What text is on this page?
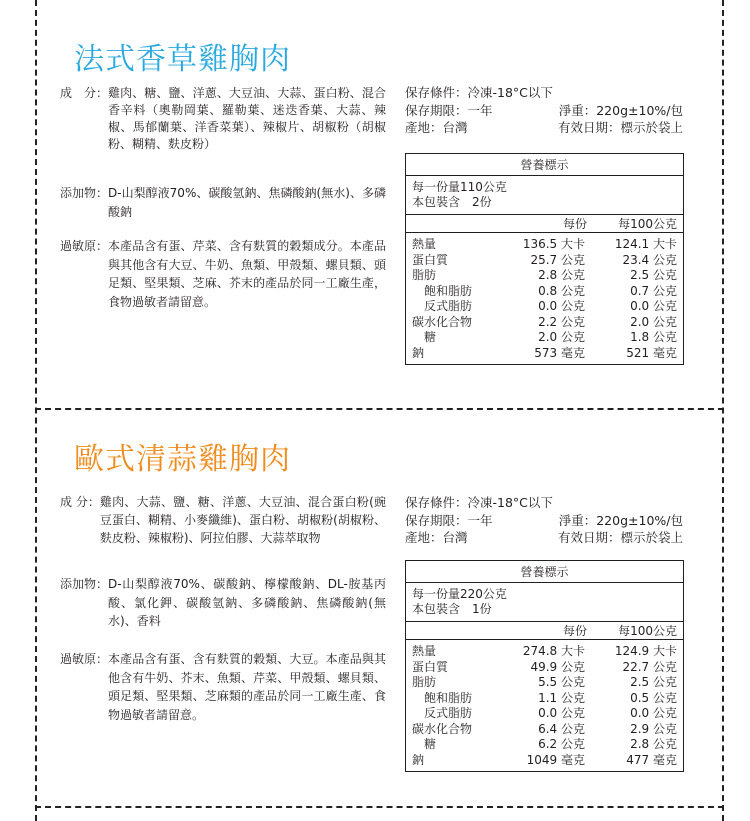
法式香草雞胸肉
成　分： 雞肉、糖、鹽、洋蔥、大豆油、大蒜、蛋白粉、混合香辛料（奧勒岡葉、羅勒葉、迷迭香葉、大蒜、辣椒、馬郁蘭葉、洋香菜葉）、辣椒片、胡椒粉（胡椒粉、糊精、麩皮粉）
添加物： D-山梨醇液70%、碳酸氫鈉、焦磷酸鈉(無水)、多磷酸鈉
過敏原： 本產品含有蛋、芹菜、含有麩質的穀類成分。本產品與其他含有大豆、牛奶、魚類、甲殼類、螺貝類、頭足類、堅果類、芝麻、芥末的產品於同一工廠生產，食物過敏者請留意。
保存條件：冷凍-18°C以下
保存期限：一年	淨重：220g±10%/包
產地：台灣	有效日期：標示於袋上
營養標示
每一份量110公克
本包裝含　2份
每份	每100公克
熱量	136.5 大卡	124.1 大卡
蛋白質	25.7 公克	23.4 公克
脂肪	2.8 公克	2.5 公克
　飽和脂肪	0.8 公克	0.7 公克
　反式脂肪	0.0 公克	0.0 公克
碳水化合物	2.2 公克	2.0 公克
　糖	2.0 公克	1.8 公克
鈉	573 毫克	521 毫克
歐式清蒜雞胸肉
成 分： 雞肉、大蒜、鹽、糖、洋蔥、大豆油、混合蛋白粉(豌豆蛋白、糊精、小麥纖維)、蛋白粉、胡椒粉(胡椒粉、麩皮粉、辣椒粉)、阿拉伯膠、大蒜萃取物
添加物： D-山梨醇液70%、碳酸鈉、檸檬酸鈉、DL-胺基丙酸、氯化鉀、碳酸氫鈉、多磷酸鈉、焦磷酸鈉(無水)、香料
過敏原： 本產品含有蛋、含有麩質的穀類、大豆。本產品與其他含有牛奶、芥末、魚類、芹菜、甲殼類、螺貝類、頭足類、堅果類、芝麻類的產品於同一工廠生產、食物過敏者請留意。
保存條件：冷凍-18°C以下
保存期限：一年	淨重：220g±10%/包
產地：台灣	有效日期：標示於袋上
營養標示
每一份量220公克
本包裝含　1份
每份	每100公克
熱量	274.8 大卡	124.9 大卡
蛋白質	49.9 公克	22.7 公克
脂肪	5.5 公克	2.5 公克
　飽和脂肪	1.1 公克	0.5 公克
　反式脂肪	0.0 公克	0.0 公克
碳水化合物	6.4 公克	2.9 公克
　糖	6.2 公克	2.8 公克
鈉	1049 毫克	477 毫克
